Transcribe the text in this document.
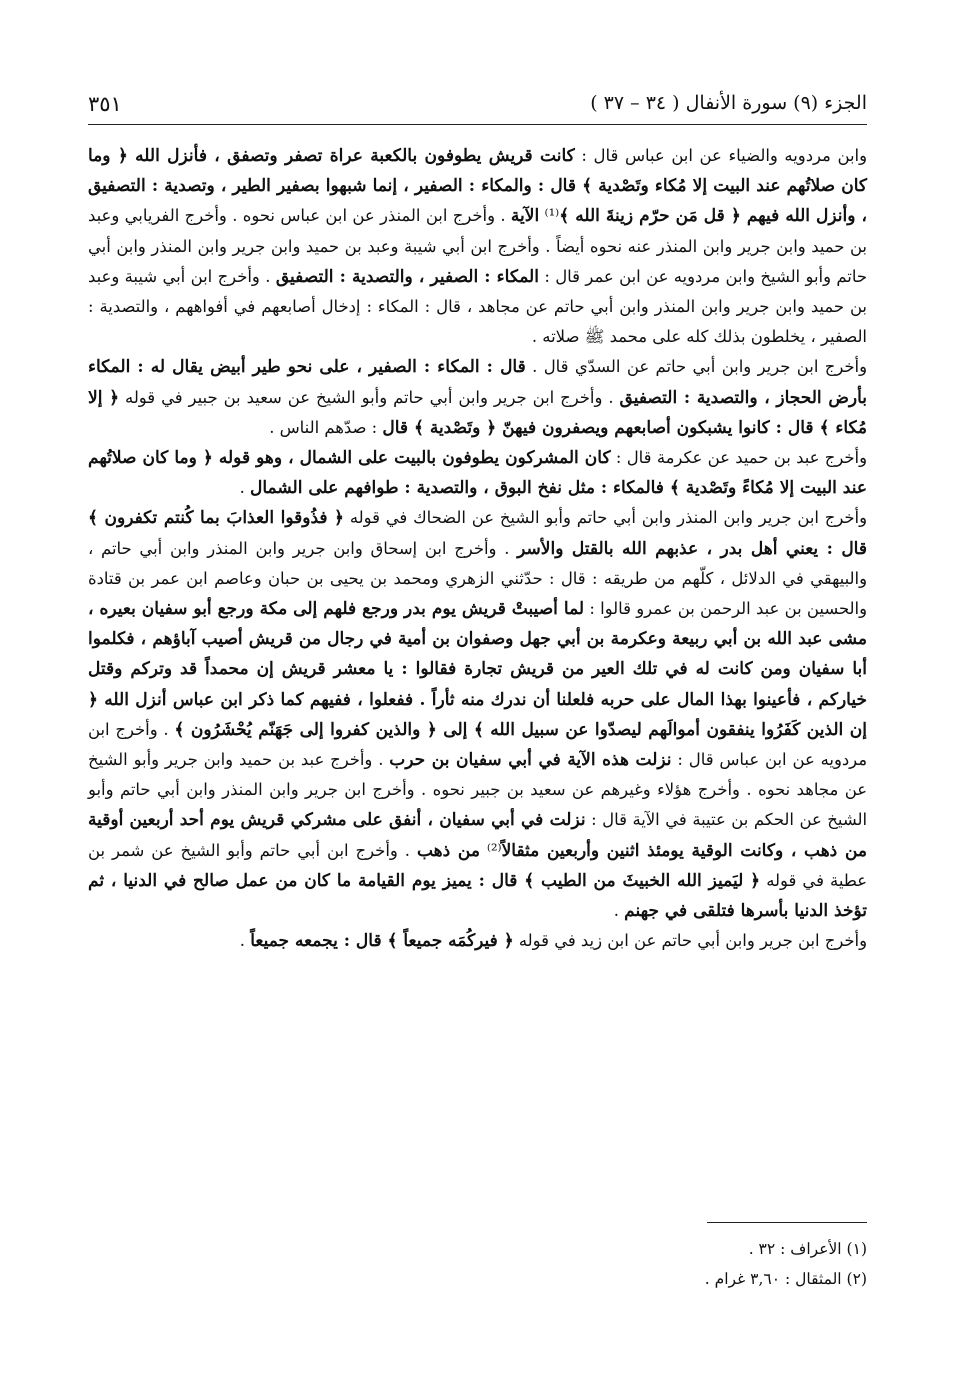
الجزء (٩) سورة الأنفال ( ٣٤ – ٣٧ )
٣٥١
وابن مردويه والضياء عن ابن عباس قال : كانت قريش يطوفون بالكعبة عراة تصفر وتصفق ، فأنزل الله ﴿ وما كان صلاتُهم عند البيت إلا مُكاء وتَصْدية ﴾ قال : والمكاء : الصفير ، إنما شبهوا بصفير الطير ، وتصدية : التصفيق ، وأنزل الله فيهم ﴿ قل مَن حرّم زينةَ الله ﴾⁽¹⁾ الآية . وأخرج ابن المنذر عن ابن عباس نحوه . وأخرج الفريابي وعبد بن حميد وابن جرير وابن المنذر عنه نحوه أيضاً . وأخرج ابن أبي شيبة وعبد بن حميد وابن جرير وابن المنذر وابن أبي حاتم وأبو الشيخ وابن مردويه عن ابن عمر قال : المكاء : الصفير ، والتصدية : التصفيق . وأخرج ابن أبي شيبة وعبد بن حميد وابن جرير وابن المنذر وابن أبي حاتم عن مجاهد ، قال : المكاء : إدخال أصابعهم في أفواههم ، والتصدية : الصفير ، يخلطون بذلك كله على محمد ﷺ صلاته .
وأخرج ابن جرير وابن أبي حاتم عن السدّي قال . قال : المكاء : الصفير ، على نحو طير أبيض يقال له : المكاء بأرض الحجاز ، والتصدية : التصفيق . وأخرج ابن جرير وابن أبي حاتم وأبو الشيخ عن سعيد بن جبير في قوله ﴿ إلا مُكاء ﴾ قال : كانوا يشبكون أصابعهم ويصفرون فيهنّ ﴿ وتَصْدية ﴾ قال : صدّهم الناس .
وأخرج عبد بن حميد عن عكرمة قال : كان المشركون يطوفون بالبيت على الشمال ، وهو قوله ﴿ وما كان صلاتُهم عند البيت إلا مُكاءً وتَصْدية ﴾ فالمكاء : مثل نفخ البوق ، والتصدية : طوافهم على الشمال .
وأخرج ابن جرير وابن المنذر وابن أبي حاتم وأبو الشيخ عن الضحاك في قوله ﴿ فذُوقوا العذابَ بما كُنتم تكفرون ﴾ قال : يعني أهل بدر ، عذبهم الله بالقتل والأسر . وأخرج ابن إسحاق وابن جرير وابن المنذر وابن أبي حاتم ، والبيهقي في الدلائل ، كلّهم من طريقه : قال : حدّثني الزهري ومحمد بن يحيى بن حبان وعاصم ابن عمر بن قتادة والحسين بن عبد الرحمن بن عمرو قالوا : لما أصيبتْ قريش يوم بدر ورجع فلهم إلى مكة ورجع أبو سفيان بعيره ، مشى عبد الله بن أبي ربيعة وعكرمة بن أبي جهل وصفوان بن أمية في رجال من قريش أصيب آباؤهم ، فكلموا أبا سفيان ومن كانت له في تلك العير من قريش تجارة فقالوا : يا معشر قريش إن محمداً قد وتركم وقتل خياركم ، فأعينوا بهذا المال على حربه فلعلنا أن ندرك منه ثأراً . ففعلوا ، ففيهم كما ذكر ابن عباس أنزل الله ﴿ إن الذين كَفَرُوا ينفقون أموالَهم ليصدّوا عن سبيل الله ﴾ إلى ﴿ والذين كفروا إلى جَهَنّم يُحْشَرُون ﴾ . وأخرج ابن مردويه عن ابن عباس قال : نزلت هذه الآية في أبي سفيان بن حرب . وأخرج عبد بن حميد وابن جرير وأبو الشيخ عن مجاهد نحوه . وأخرج هؤلاء وغيرهم عن سعيد بن جبير نحوه . وأخرج ابن جرير وابن المنذر وابن أبي حاتم وأبو الشيخ عن الحكم بن عتيبة في الآية قال : نزلت في أبي سفيان ، أنفق على مشركي قريش يوم أحد أربعين أوقية من ذهب ، وكانت الوقية يومئذ اثنين وأربعين مثقالاً⁽²⁾ من ذهب . وأخرج ابن أبي حاتم وأبو الشيخ عن شمر بن عطية في قوله ﴿ ليَميز الله الخبيثَ من الطيب ﴾ قال : يميز يوم القيامة ما كان من عمل صالح في الدنيا ، ثم تؤخذ الدنيا بأسرها فتلقى في جهنم .
وأخرج ابن جرير وابن أبي حاتم عن ابن زيد في قوله ﴿ فيركُمَه جميعاً ﴾ قال : يجمعه جميعاً .
(١) الأعراف : ٣٢ .
(٢) المثقال : ٣,٦٠ غرام .
